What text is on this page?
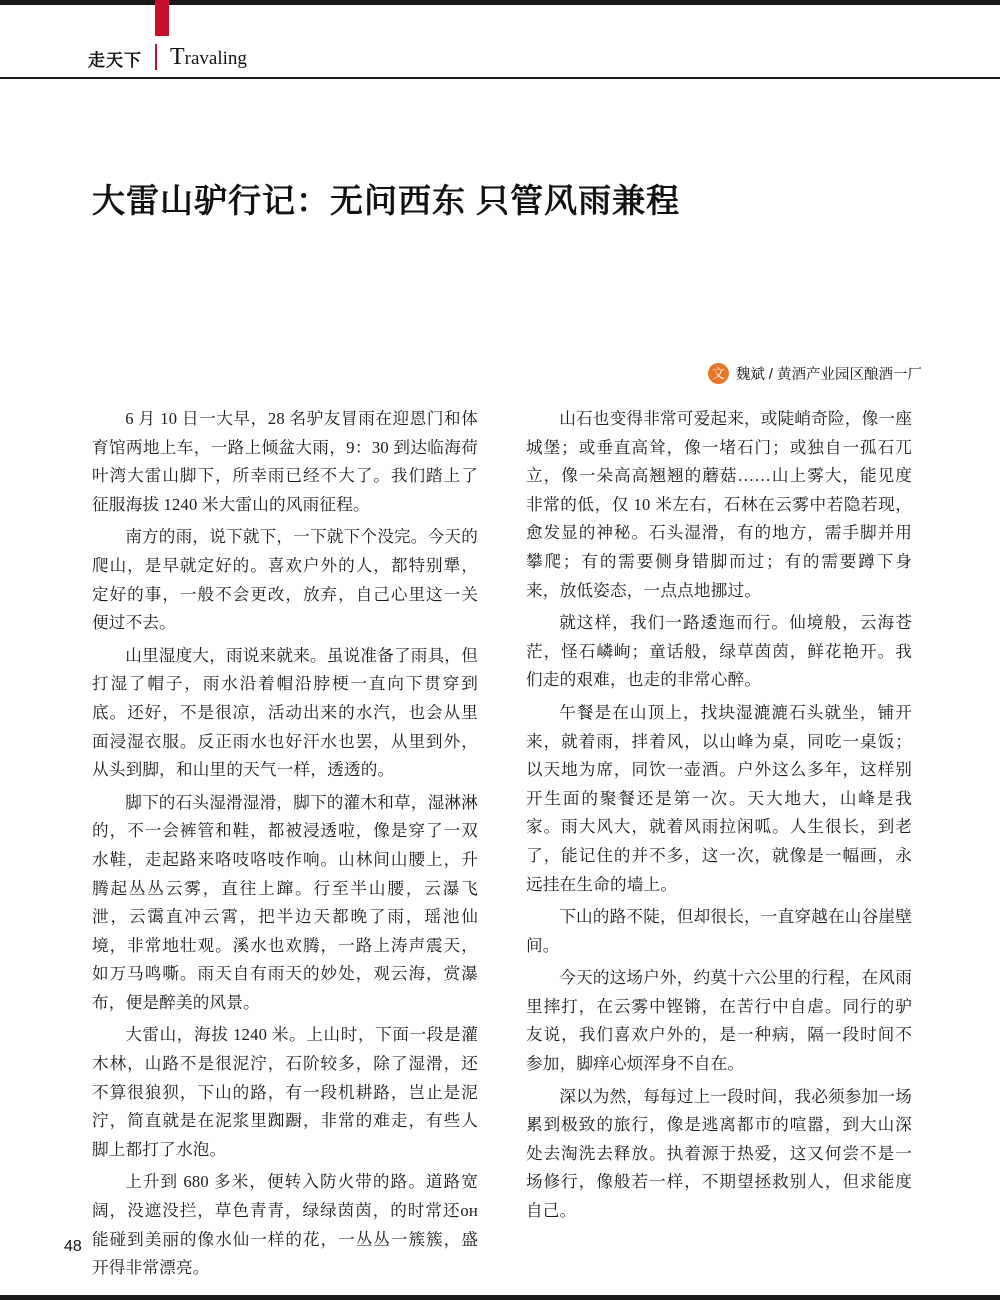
走天下 Travaling
大雷山驴行记：无问西东 只管风雨兼程
文 魏斌 / 黄酒产业园区酿酒一厂

6 月 10 日一大早，28 名驴友冒雨在迎恩门和体育馆两地上车，一路上倾盆大雨，9：30 到达临海荷叶湾大雷山脚下，所幸雨已经不大了。我们踏上了征服海拔 1240 米大雷山的风雨征程。

南方的雨，说下就下，一下就下个没完。今天的爬山，是早就定好的。喜欢户外的人，都特别犟，定好的事，一般不会更改，放弃，自己心里这一关便过不去。

山里湿度大，雨说来就来。虽说准备了雨具，但打湿了帽子，雨水沿着帽沿脖梗一直向下贯穿到底。还好，不是很凉，活动出来的水汽，也会从里面浸湿衣服。反正雨水也好汗水也罢，从里到外，从头到脚，和山里的天气一样，透透的。

脚下的石头湿滑湿滑，脚下的灌木和草，湿淋淋的，不一会裤管和鞋，都被浸透啦，像是穿了一双水鞋，走起路来咯吱咯吱作响。山林间山腰上，升腾起丛丛云雾，直往上蹿。行至半山腰，云瀑飞泄，云霭直冲云霄，把半边天都晚了雨，瑶池仙境，非常地壮观。溪水也欢腾，一路上涛声震天，如万马鸣嘶。雨天自有雨天的妙处，观云海，赏瀑布，便是醉美的风景。

大雷山，海拔 1240 米。上山时，下面一段是灌木林，山路不是很泥泞，石阶较多，除了湿滑，还不算很狼狈，下山的路，有一段机耕路，岂止是泥泞，简直就是在泥浆里踟蹰，非常的难走，有些人脚上都打了水泡。

上升到 680 多米，便转入防火带的路。道路宽阔，没遮没拦，草色青青，绿绿茵茵，的时常还он能碰到美丽的像水仙一样的花，一丛丛一簇簇，盛开得非常漂亮。

山石也变得非常可爱起来，或陡峭奇险，像一座城堡；或垂直高耸，像一堵石门；或独自一孤石兀立，像一朵高高翘翘的蘑菇……山上雾大，能见度非常的低，仅 10 米左右，石林在云雾中若隐若现，愈发显的神秘。石头湿滑，有的地方，需手脚并用攀爬；有的需要侧身错脚而过；有的需要蹲下身来，放低姿态，一点点地挪过。

就这样，我们一路逶迤而行。仙境般，云海苍茫，怪石嶙峋；童话般，绿草茵茵，鲜花艳开。我们走的艰难，也走的非常心醉。

午餐是在山顶上，找块湿漉漉石头就坐，铺开来，就着雨，拌着风，以山峰为桌，同吃一桌饭；以天地为席，同饮一壶酒。户外这么多年，这样别开生面的聚餐还是第一次。天大地大，山峰是我家。雨大风大，就着风雨拉闲呱。人生很长，到老了，能记住的并不多，这一次，就像是一幅画，永远挂在生命的墙上。

下山的路不陡，但却很长，一直穿越在山谷崖壁间。

今天的这场户外，约莫十六公里的行程，在风雨里摔打，在云雾中铿锵，在苦行中自虐。同行的驴友说，我们喜欢户外的，是一种病，隔一段时间不参加，脚痒心烦浑身不自在。

深以为然，每每过上一段时间，我必须参加一场累到极致的旅行，像是逃离都市的喧嚣，到大山深处去淘洗去释放。执着源于热爱，这又何尝不是一场修行，像般若一样，不期望拯救别人，但求能度自己。

48
